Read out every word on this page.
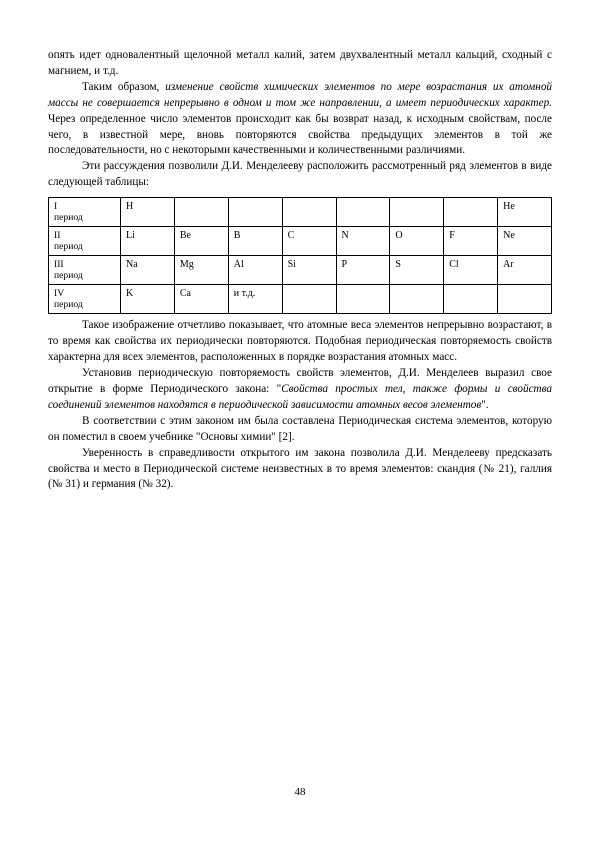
опять идет одновалентный щелочной металл калий, затем двухвалентный металл кальций, сходный с магнием, и т.д.

Таким образом, изменение свойств химических элементов по мере возрастания их атомной массы не совершается непрерывно в одном и том же направлении, а имеет периодических характер. Через определенное число элементов происходит как бы возврат назад, к исходным свойствам, после чего, в известной мере, вновь повторяются свойства предыдущих элементов в той же последовательности, но с некоторыми качественными и количественными различиями.

Эти рассуждения позволили Д.И. Менделееву расположить рассмотренный ряд элементов в виде следующей таблицы:

I
период	H							He

II
период	Li	Be	B	C	N	O	F	Ne

III
период	Na	Mg	Al	Si	P	S	Cl	Ar

IV
период	K	Ca	и т.д.					

Такое изображение отчетливо показывает, что атомные веса элементов непрерывно возрастают, в то время как свойства их периодически повторяются. Подобная периодическая повторяемость свойств характерна для всех элементов, расположенных в порядке возрастания атомных масс.

Установив периодическую повторяемость свойств элементов, Д.И. Менделеев выразил свое открытие в форме Периодического закона: "Свойства простых тел, также формы и свойства соединений элементов находятся в периодической зависимости атомных весов элементов".

В соответствии с этим законом им была составлена Периодическая система элементов, которую он поместил в своем учебнике "Основы химии" [2].

Уверенность в справедливости открытого им закона позволила Д.И. Менделееву предсказать свойства и место в Периодической системе неизвестных в то время элементов: скандия (№ 21), галлия (№ 31) и германия (№ 32).

48
